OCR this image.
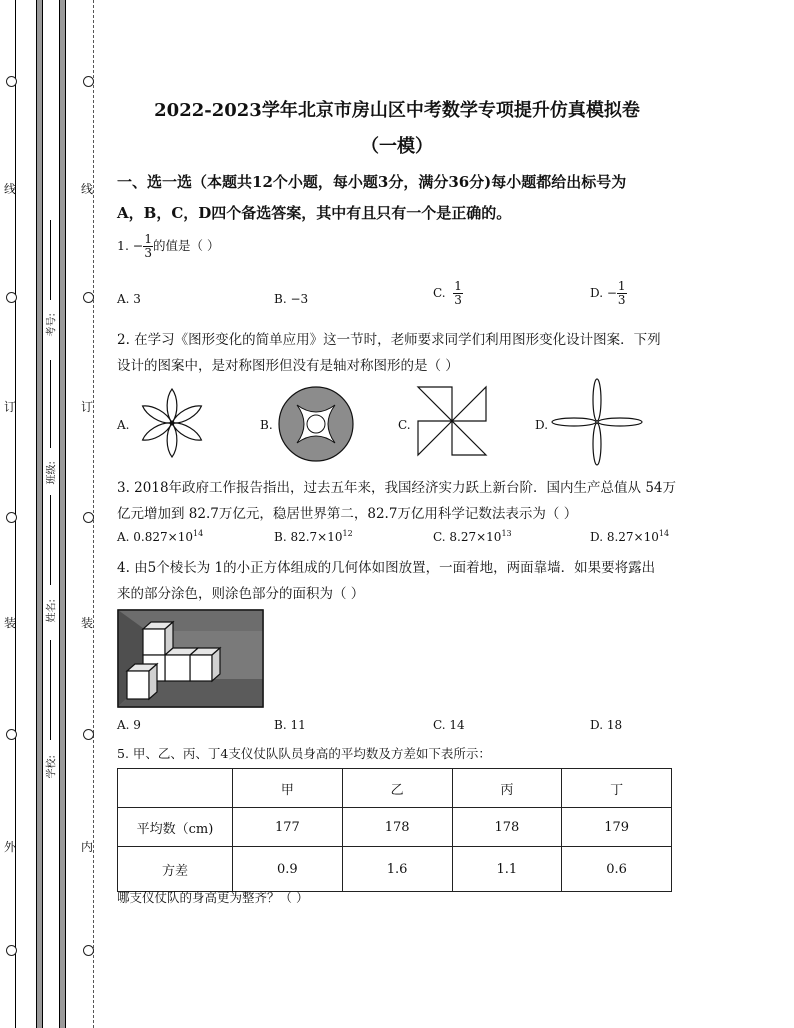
线
订
装
外
线
订
装
内
考号:
班级:
姓名:
学校:
2022-2023学年北京市房山区中考数学专项提升仿真模拟卷
（一模）
一、选一选（本题共12个小题，每小题3分，满分36分)每小题都给出标号为
A，B，C，D四个备选答案，其中有且只有一个是正确的。
1. − $\frac{1}{3}$ 的值是（ ）
A. 3	B. −3	C. $\frac{1}{3}$	D. − $\frac{1}{3}$
2. 在学习《图形变化的简单应用》这一节时，老师要求同学们利用图形变化设计图案．下列
设计的图案中，是对称图形但没有是轴对称图形的是（ ）
A.	B.	C.	D.
3. 2018年政府工作报告指出，过去五年来，我国经济实力跃上新台阶．国内生产总值从 54万
亿元增加到 82.7万亿元，稳居世界第二，82.7万亿用科学记数法表示为（ ）
A. $0.827\times 10^{14}$	B. $82.7\times 10^{12}$	C. $8.27\times 10^{13}$	D. $8.27\times 10^{14}$
4. 由5个棱长为 1的小正方体组成的几何体如图放置，一面着地，两面靠墙．如果要将露出
来的部分涂色，则涂色部分的面积为（ ）
A. 9	B. 11	C. 14	D. 18
5. 甲、乙、丙、丁4支仪仗队队员身高的平均数及方差如下表所示：
	甲	乙	丙	丁
平均数（cm)	177	178	178	179
方差	0.9	1.6	1.1	0.6
哪支仪仗队的身高更为整齐？（ ）
